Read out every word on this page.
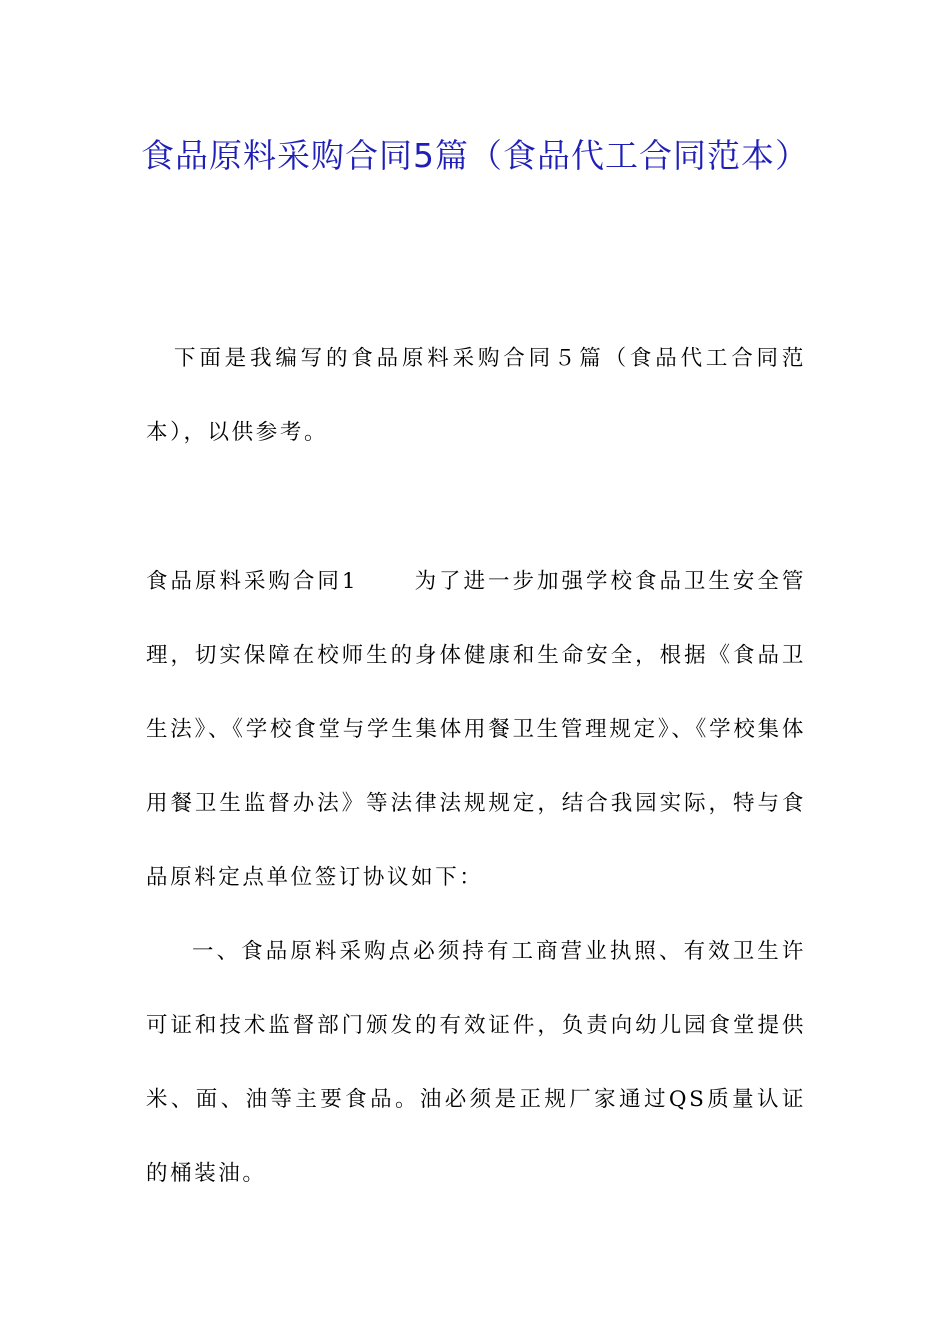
食品原料采购合同5篇（食品代工合同范本）

下面是我编写的食品原料采购合同５篇（食品代工合同范本），以供参考。

食品原料采购合同1	为了进一步加强学校食品卫生安全管理，切实保障在校师生的身体健康和生命安全，根据《食品卫生法》、《学校食堂与学生集体用餐卫生管理规定》、《学校集体用餐卫生监督办法》等法律法规规定，结合我园实际，特与食品原料定点单位签订协议如下：

一、食品原料采购点必须持有工商营业执照、有效卫生许可证和技术监督部门颁发的有效证件，负责向幼儿园食堂提供米、面、油等主要食品。油必须是正规厂家通过QS质量认证的桶装油。
